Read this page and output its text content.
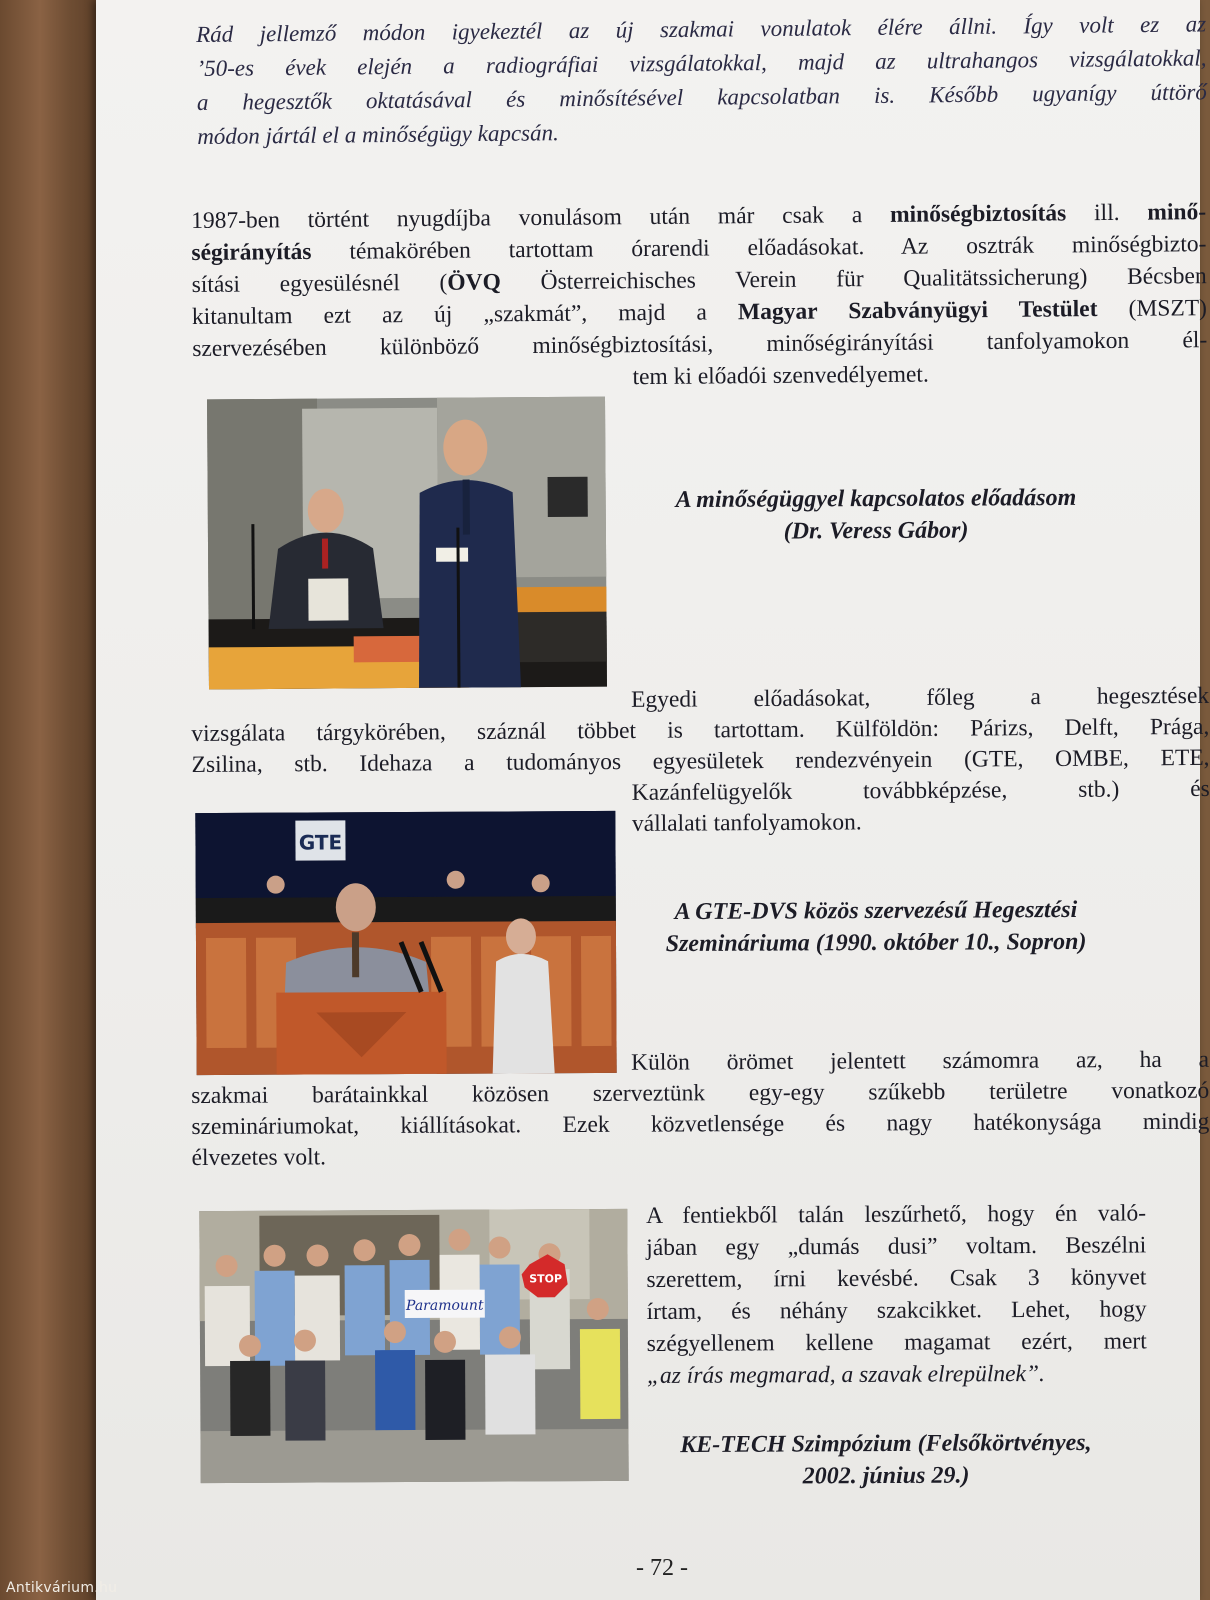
Rád jellemző módon igyekeztél az új szakmai vonulatok élére állni. Így volt ez az
’50-es évek elején a radiográfiai vizsgálatokkal, majd az ultrahangos vizsgálatokkal,
a hegesztők oktatásával és minősítésével kapcsolatban is. Később ugyanígy úttörő
módon jártál el a minőségügy kapcsán.
1987-ben történt nyugdíjba vonulásom után már csak a minőségbiztosítás ill. minő-
ségirányítás témakörében tartottam órarendi előadásokat. Az osztrák minőségbizto-
sítási egyesülésnél (ÖVQ Österreichisches Verein für Qualitätssicherung) Bécsben
kitanultam ezt az új „szakmát”, majd a Magyar Szabványügyi Testület (MSZT)
szervezésében különböző minőségbiztosítási, minőségirányítási tanfolyamokon él-
tem ki előadói szenvedélyemet.
A minőségüggyel kapcsolatos előadásom
(Dr. Veress Gábor)
Egyedi előadásokat, főleg a hegesztések
vizsgálata tárgykörében, száznál többet is tartottam. Külföldön: Párizs, Delft, Prága,
Zsilina, stb. Idehaza a tudományos egyesületek rendezvényein (GTE, OMBE, ETE,
Kazánfelügyelők továbbképzése, stb.) és
vállalati tanfolyamokon.
GTE
A GTE-DVS közös szervezésű Hegesztési
Szemináriuma (1990. október 10., Sopron)
Külön örömet jelentett számomra az, ha a
szakmai barátainkkal közösen szerveztünk egy-egy szűkebb területre vonatkozó
szemináriumokat, kiállításokat. Ezek közvetlensége és nagy hatékonysága mindig
élvezetes volt.
Paramount
STOP
A fentiekből talán leszűrhető, hogy én való-
jában egy „dumás dusi” voltam. Beszélni
szerettem, írni kevésbé. Csak 3 könyvet
írtam, és néhány szakcikket. Lehet, hogy
szégyellenem kellene magamat ezért, mert
„az írás megmarad, a szavak elrepülnek”.
KE-TECH Szimpózium (Felsőkörtvényes,
2002. június 29.)
- 72 -
Antikvárium.hu
